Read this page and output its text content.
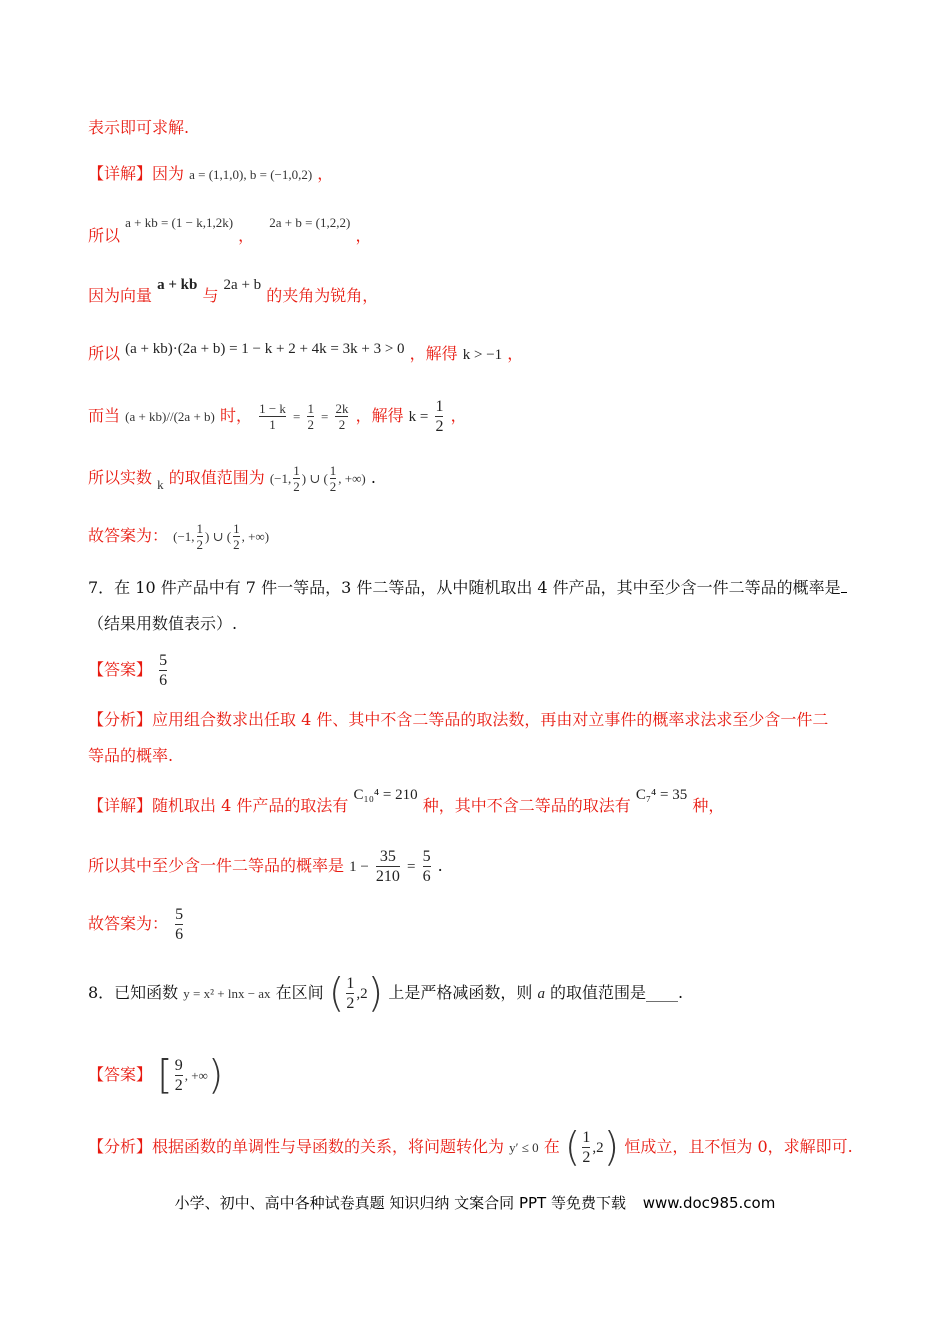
表示即可求解.
【详解】因为 a = (1,1,0), b = (−1,0,2) ，
所以 $^{a + kb = (1 - k,1,2k)}$ ， $^{2a + b = (1,2,2)}$ ，
因为向量 a + kb 与 2a + b 的夹角为锐角，
所以 (a + kb)·(2a + b) = 1 − k + 2 + 4k = 3k + 3 > 0 ，解得 k > −1 ，
而当 (a + kb)//(2a + b) 时， $\frac{1 - k}{1} = \frac{1}{2} = \frac{2k}{2}$ ，解得 $k = \frac{1}{2}$ ，
所以实数 $_k$ 的取值范围为 (−1, $\frac{1}{2}$ ) ∪ ( $\frac{1}{2}$ , +∞) .
故答案为： (−1, $\frac{1}{2}$ ) ∪ ( $\frac{1}{2}$ , +∞)
7．在 10 件产品中有 7 件一等品，3 件二等品，从中随机取出 4 件产品，其中至少含一件二等品的概率是
（结果用数值表示）.
【答案】 $\frac{5}{6}$
【分析】应用组合数求出任取 4 件、其中不含二等品的取法数，再由对立事件的概率求法求至少含一件二
等品的概率.
【详解】随机取出 4 件产品的取法有 C₁₀⁴ = 210 种，其中不含二等品的取法有 C₇⁴ = 35 种，
所以其中至少含一件二等品的概率是 $1 - \frac{35}{210} = \frac{5}{6}$ .
故答案为： $\frac{5}{6}$
8．已知函数 y = x² + lnx − ax 在区间 ( $\frac{1}{2} ,2$) 上是严格减函数，则 a 的取值范围是____.
【答案】 [ $\frac{9}{2}$ , +∞)
【分析】根据函数的单调性与导函数的关系，将问题转化为 y′ ≤ 0 在 ( $\frac{1}{2} ,2$) 恒成立，且不恒为 0，求解即可.
小学、初中、高中各种试卷真题 知识归纳 文案合同 PPT 等免费下载 www.doc985.com
